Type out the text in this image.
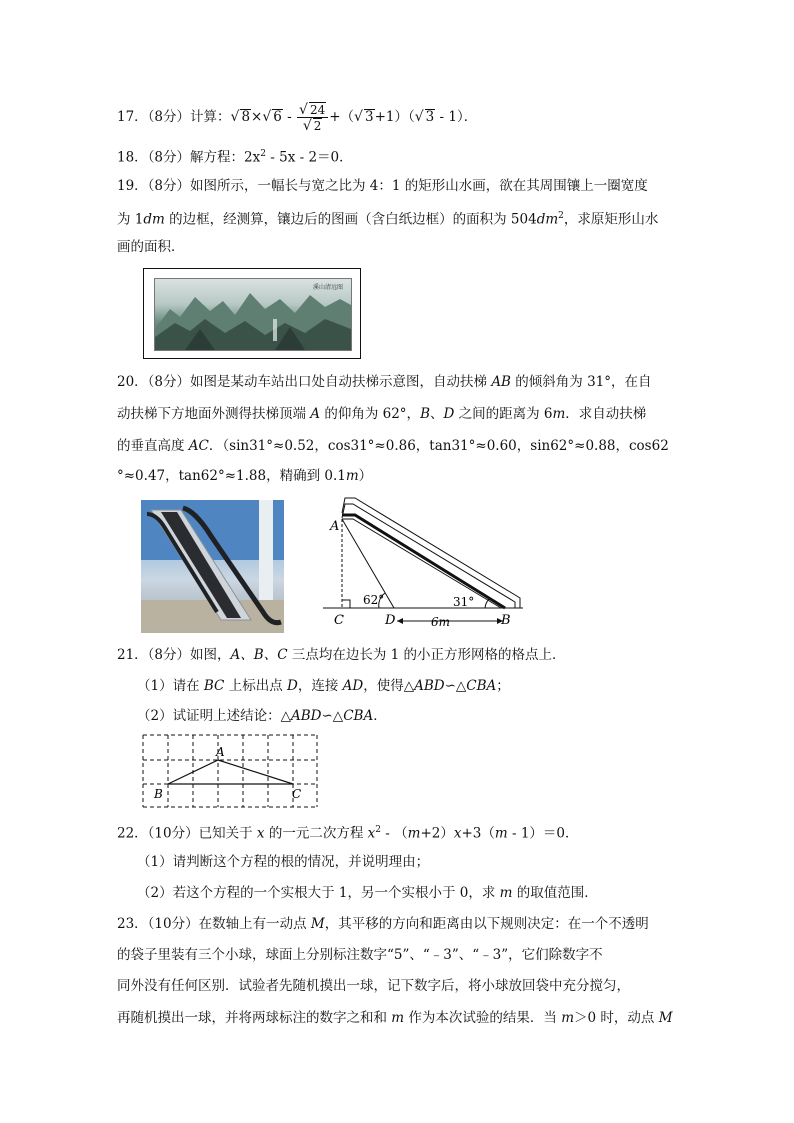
17．（8分）计算：√ 8×√ $6 - \frac{√ 24}{√ 2}$ +（√ 3+1）（√ 3 - 1）．
18．（8分）解方程：$2x^2 - 5x - 2=0$．
19．（8分）如图所示，一幅长与宽之比为 4：1 的矩形山水画，欲在其周围镶上一圈宽度
为 1dm 的边框，经测算，镶边后的图画（含白纸边框）的面积为 $504dm^2$，求原矩形山水
画的面积．
溪山清远图
20．（8分）如图是某动车站出口处自动扶梯示意图，自动扶梯 AB 的倾斜角为 31°，在自
动扶梯下方地面外测得扶梯顶端 A 的仰角为 62°，B、D 之间的距离为 6m．求自动扶梯
的垂直高度 AC．（sin31°≈0.52，cos31°≈0.86，tan31°≈0.60，sin62°≈0.88，cos62
°≈0.47，tan62°≈1.88，精确到 0.1m）
A
C	D	B
62°	31°
6m
21．（8分）如图，A、B、C 三点均在边长为 1 的小正方形网格的格点上．
（1）请在 BC 上标出点 D，连接 AD，使得△ABD∽△CBA；
（2）试证明上述结论：△ABD∽△CBA．
A
B	C
22．（10分）已知关于 x 的一元二次方程 $x^2 - (m+2)x+3(m - 1)=0$．
（1）请判断这个方程的根的情况，并说明理由；
（2）若这个方程的一个实根大于 1，另一个实根小于 0，求 m 的取值范围．
23．（10分）在数轴上有一动点 M，其平移的方向和距离由以下规则决定：在一个不透明
的袋子里装有三个小球，球面上分别标注数字“5”、“﹣3”、“﹣3”，它们除数字不
同外没有任何区别．试验者先随机摸出一球，记下数字后，将小球放回袋中充分搅匀，
再随机摸出一球，并将两球标注的数字之和和 m 作为本次试验的结果．当 m＞0 时，动点 M
